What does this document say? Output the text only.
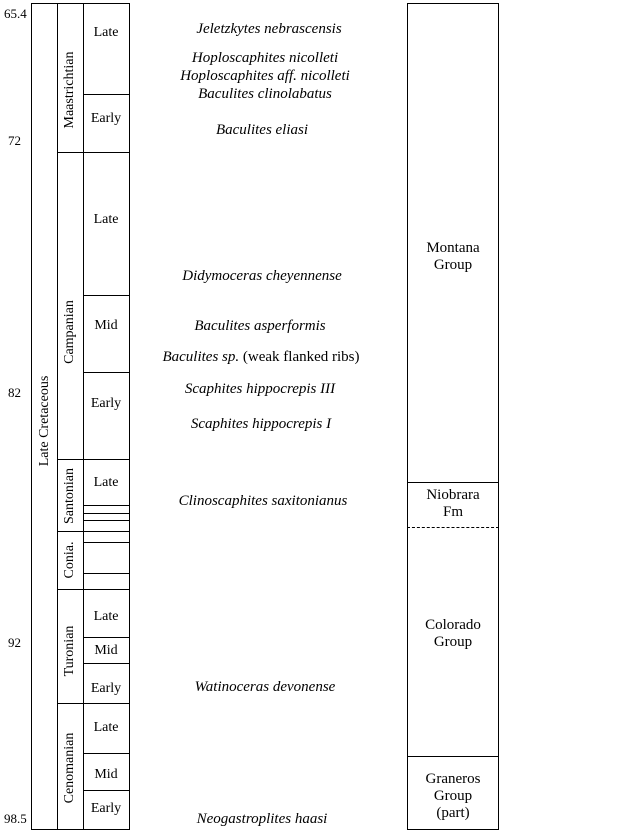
65.4
72
82
92
98.5
Late Cretaceous
Maastrichtian
Campanian
Santonian
Conia.
Turonian
Cenomanian
Late
Early
Late
Mid
Early
Late
Late
Mid
Early
Late
Mid
Early
Jeletzkytes nebrascensis
Hoploscaphites nicolleti
Hoploscaphites aff. nicolleti
Baculites clinolabatus
Baculites eliasi
Didymoceras cheyennense
Baculites asperformis
Baculites sp. (weak flanked ribs)
Scaphites hippocrepis III
Scaphites hippocrepis I
Clinoscaphites saxitonianus
Watinoceras devonense
Neogastroplites haasi
Montana
Group
Niobrara
Fm
Colorado
Group
Graneros
Group
(part)
